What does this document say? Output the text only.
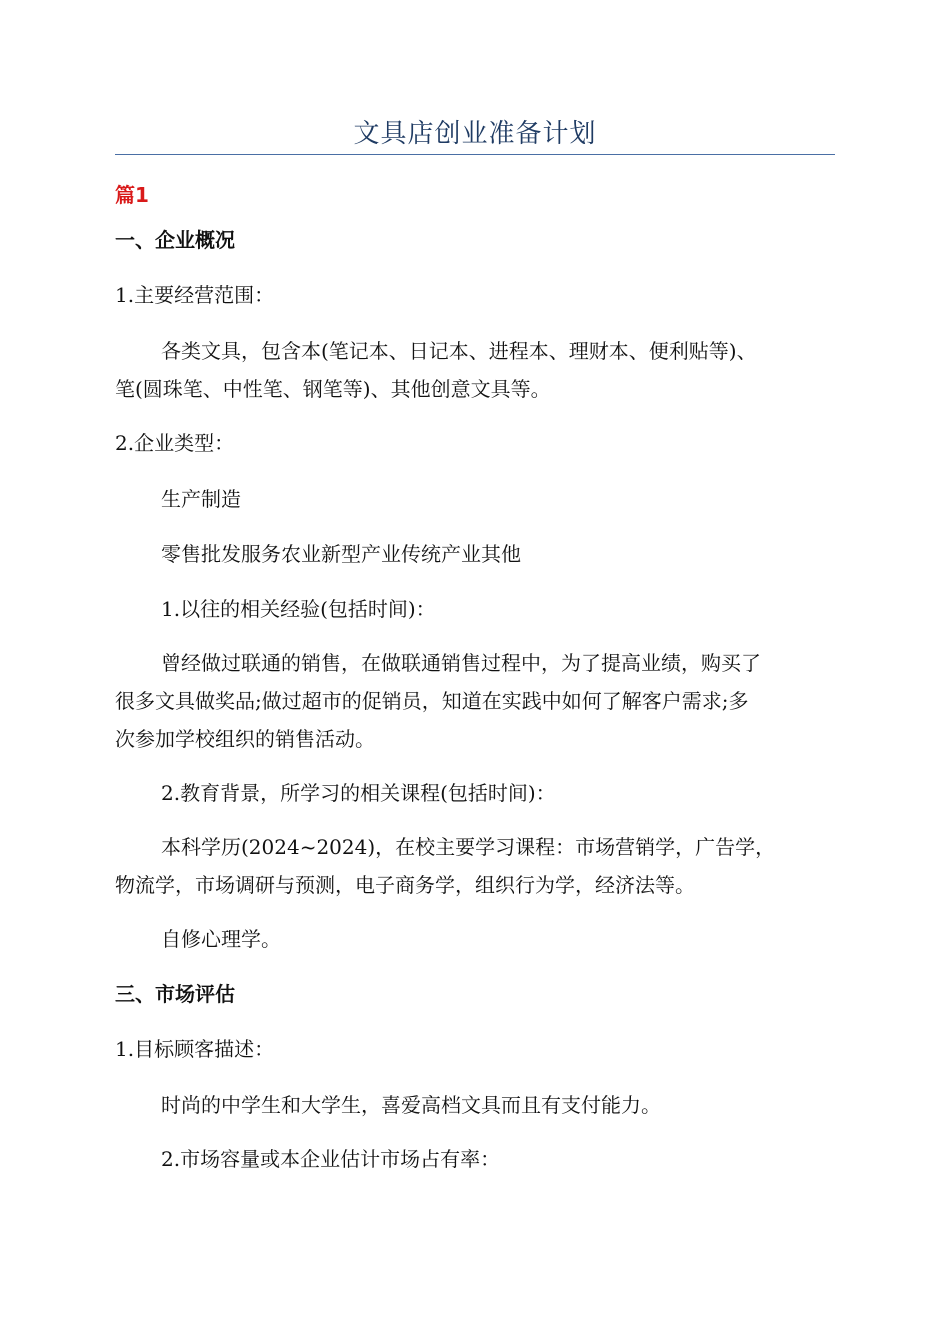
文具店创业准备计划
篇1
一、企业概况
1.主要经营范围：
各类文具，包含本(笔记本、日记本、进程本、理财本、便利贴等)、
笔(圆珠笔、中性笔、钢笔等)、其他创意文具等。
2.企业类型：
生产制造
零售批发服务农业新型产业传统产业其他
1.以往的相关经验(包括时间)：
曾经做过联通的销售，在做联通销售过程中，为了提高业绩，购买了
很多文具做奖品;做过超市的促销员，知道在实践中如何了解客户需求;多
次参加学校组织的销售活动。
2.教育背景，所学习的相关课程(包括时间)：
本科学历(2024~2024)，在校主要学习课程：市场营销学，广告学，
物流学，市场调研与预测，电子商务学，组织行为学，经济法等。
自修心理学。
三、市场评估
1.目标顾客描述：
时尚的中学生和大学生，喜爱高档文具而且有支付能力。
2.市场容量或本企业估计市场占有率：
